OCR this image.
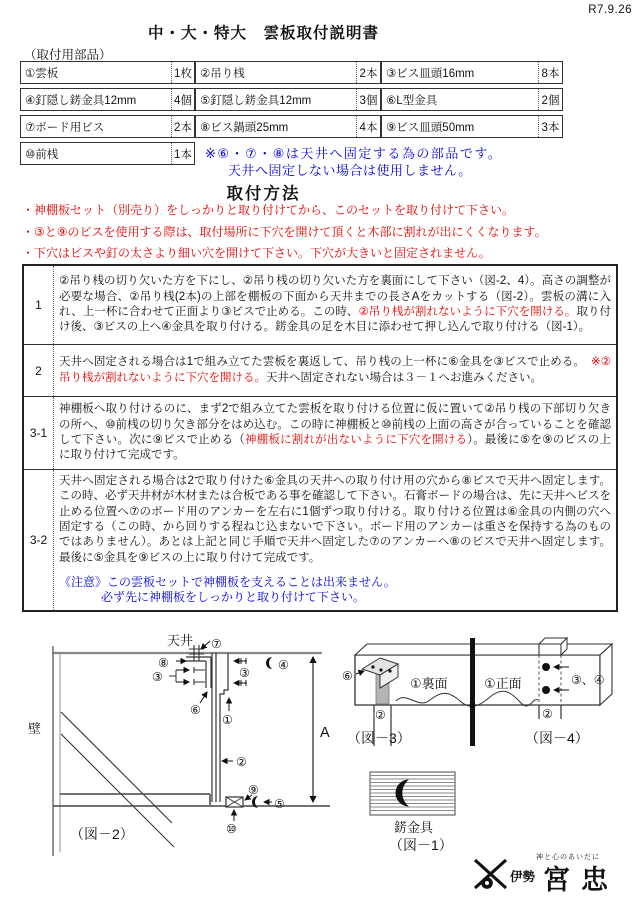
R7.9.26
中・大・特大　雲板取付説明書
（取付用部品）
①雲板	1枚 ②吊り桟	2本 ③ビス皿頭16mm	8本
④釘隠し錺金具12mm	4個 ⑤釘隠し錺金具12mm	3個 ⑥L型金具	2個
⑦ボード用ビス	2本 ⑧ビス鍋頭25mm	4本 ⑨ビス皿頭50mm	3本
⑩前桟	1本 ※⑥・⑦・⑧は天井へ固定する為の部品です。
天井へ固定しない場合は使用しません。
取付方法
・神棚板セット（別売り）をしっかりと取り付けてから、このセットを取り付けて下さい。
・③と⑨のビスを使用する際は、取付場所に下穴を開けて頂くと木部に割れが出にくくなります。
・下穴はビスや釘の太さより細い穴を開けて下さい。下穴が大きいと固定されません。
1
②吊り桟の切り欠いた方を下にし、②吊り桟の切り欠いた方を裏面にして下さい（図-2、4）。高さの調整が必要な場合、②吊り桟(2本)の上部を棚板の下面から天井までの長さAをカットする（図-2）。雲板の溝に入れ、上一杯に合わせて正面より③ビスで止める。この時、②吊り桟が割れないように下穴を開ける。取り付け後、③ビスの上へ④金具を取り付ける。錺金具の足を木目に添わせて押し込んで取り付ける（図-1）。
2
天井へ固定される場合は1で組み立てた雲板を裏返して、吊り桟の上一杯に⑥金具を③ビスで止める。　※②吊り桟が割れないように下穴を開ける。天井へ固定されない場合は３－１へお進みください。
3-1
神棚板へ取り付けるのに、まず2で組み立てた雲板を取り付ける位置に仮に置いて②吊り桟の下部切り欠きの所へ、⑩前桟の切り欠き部分をはめ込む。この時に神棚板と⑩前桟の上面の高さが合っていることを確認して下さい。次に⑨ビスで止める（神棚板に割れが出ないように下穴を開ける）。最後に⑤を⑨のビスの上に取り付けて完成です。
3-2
天井へ固定される場合は2で取り付けた⑥金具の天井への取り付け用の穴から⑧ビスで天井へ固定します。この時、必ず天井材が木材または合板である事を確認して下さい。石膏ボードの場合は、先に天井へビスを止める位置へ⑦のボード用のアンカーを左右に1個ずつ取り付ける。取り付ける位置は⑥金具の内側の穴へ固定する（この時、から回りする程ねじ込まないで下さい。ボード用のアンカーは重さを保持する為のものではありません）。あとは上記と同じ手順で天井へ固定した⑦のアンカーへ⑧のビスで天井へ固定します。最後に⑤金具を⑨ビスの上に取り付けて完成です。
《注意》この雲板セットで神棚板を支えることは出来ません。
必ず先に神棚板をしっかりと取り付けて下さい。
壁	A
天井 ⑦
⑧
③
⑥
③
④
①
②
⑨
⑤
⑩
（図－2）
⑥
②
①裏面
（図－3）
①正面	③、④
②
（図－4）
錺金具
（図－1）
神と心のあいだに
伊勢 宮忠
